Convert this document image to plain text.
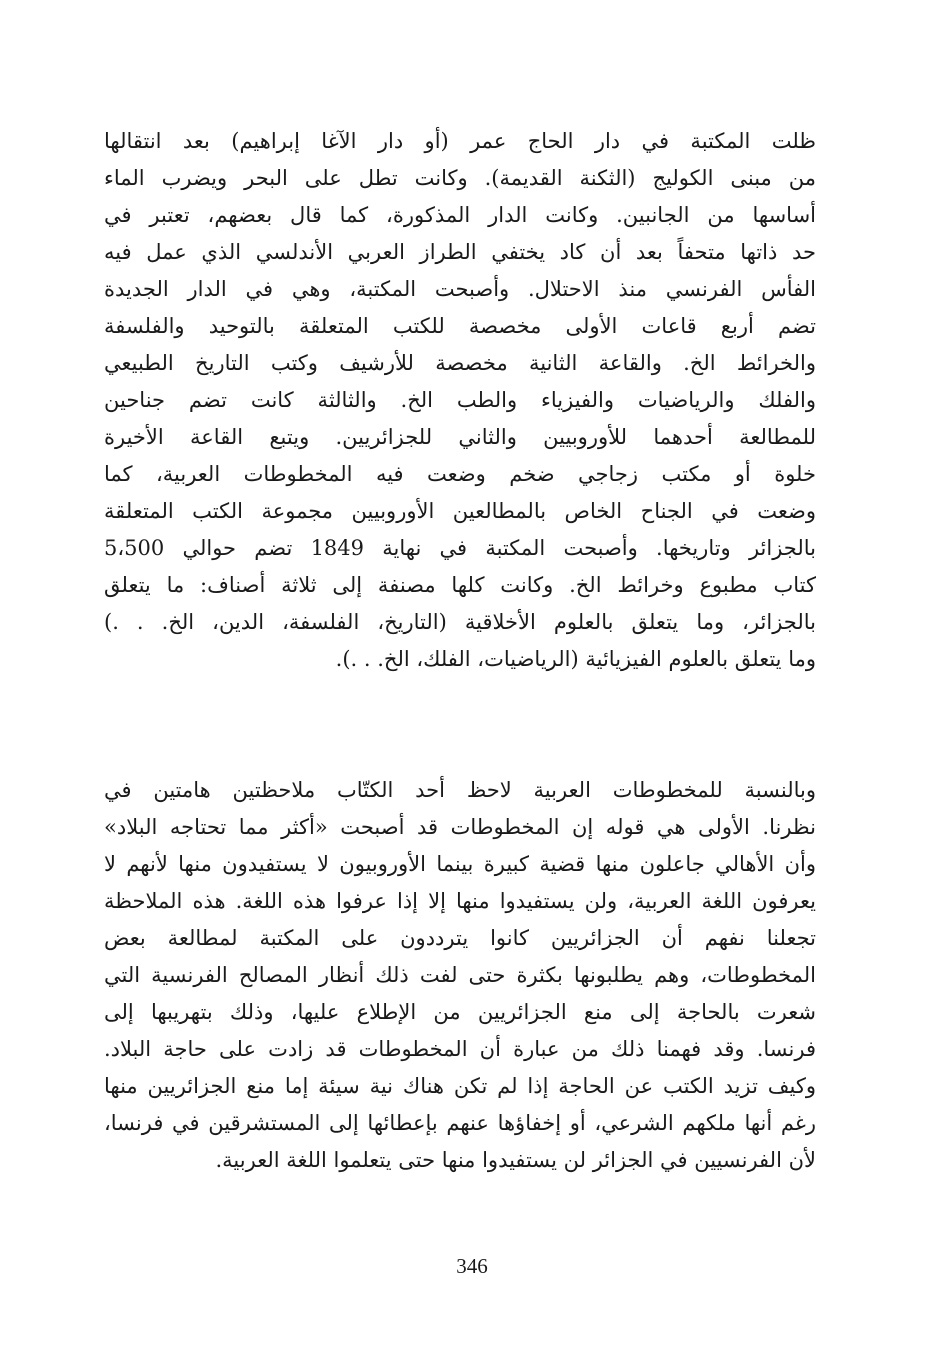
ظلت المكتبة في دار الحاج عمر (أو دار الآغا إبراهيم) بعد انتقالها
من مبنى الكوليج (الثكنة القديمة). وكانت تطل على البحر ويضرب الماء
أساسها من الجانبين. وكانت الدار المذكورة، كما قال بعضهم، تعتبر في
حد ذاتها متحفاً بعد أن كاد يختفي الطراز العربي الأندلسي الذي عمل فيه
الفأس الفرنسي منذ الاحتلال. وأصبحت المكتبة، وهي في الدار الجديدة
تضم أربع قاعات الأولى مخصصة للكتب المتعلقة بالتوحيد والفلسفة
والخرائط الخ. والقاعة الثانية مخصصة للأرشيف وكتب التاريخ الطبيعي
والفلك والرياضيات والفيزياء والطب الخ. والثالثة كانت تضم جناحين
للمطالعة أحدهما للأوروبيين والثاني للجزائريين. ويتبع القاعة الأخيرة
خلوة أو مكتب زجاجي ضخم وضعت فيه المخطوطات العربية، كما
وضعت في الجناح الخاص بالمطالعين الأوروبيين مجموعة الكتب المتعلقة
بالجزائر وتاريخها. وأصبحت المكتبة في نهاية 1849 تضم حوالي 5،500
كتاب مطبوع وخرائط الخ. وكانت كلها مصنفة إلى ثلاثة أصناف: ما يتعلق
بالجزائر، وما يتعلق بالعلوم الأخلاقية (التاريخ، الفلسفة، الدين، الخ. . .)
وما يتعلق بالعلوم الفيزيائية (الرياضيات، الفلك، الخ. . .).
وبالنسبة للمخطوطات العربية لاحظ أحد الكتّاب ملاحظتين هامتين في
نظرنا. الأولى هي قوله إن المخطوطات قد أصبحت «أكثر مما تحتاجه البلاد»
وأن الأهالي جاعلون منها قضية كبيرة بينما الأوروبيون لا يستفيدون منها لأنهم لا
يعرفون اللغة العربية، ولن يستفيدوا منها إلا إذا عرفوا هذه اللغة. هذه الملاحظة
تجعلنا نفهم أن الجزائريين كانوا يترددون على المكتبة لمطالعة بعض
المخطوطات، وهم يطلبونها بكثرة حتى لفت ذلك أنظار المصالح الفرنسية التي
شعرت بالحاجة إلى منع الجزائريين من الإطلاع عليها، وذلك بتهريبها إلى
فرنسا. وقد فهمنا ذلك من عبارة أن المخطوطات قد زادت على حاجة البلاد.
وكيف تزيد الكتب عن الحاجة إذا لم تكن هناك نية سيئة إما منع الجزائريين منها
رغم أنها ملكهم الشرعي، أو إخفاؤها عنهم بإعطائها إلى المستشرقين في فرنسا،
لأن الفرنسيين في الجزائر لن يستفيدوا منها حتى يتعلموا اللغة العربية.
346
